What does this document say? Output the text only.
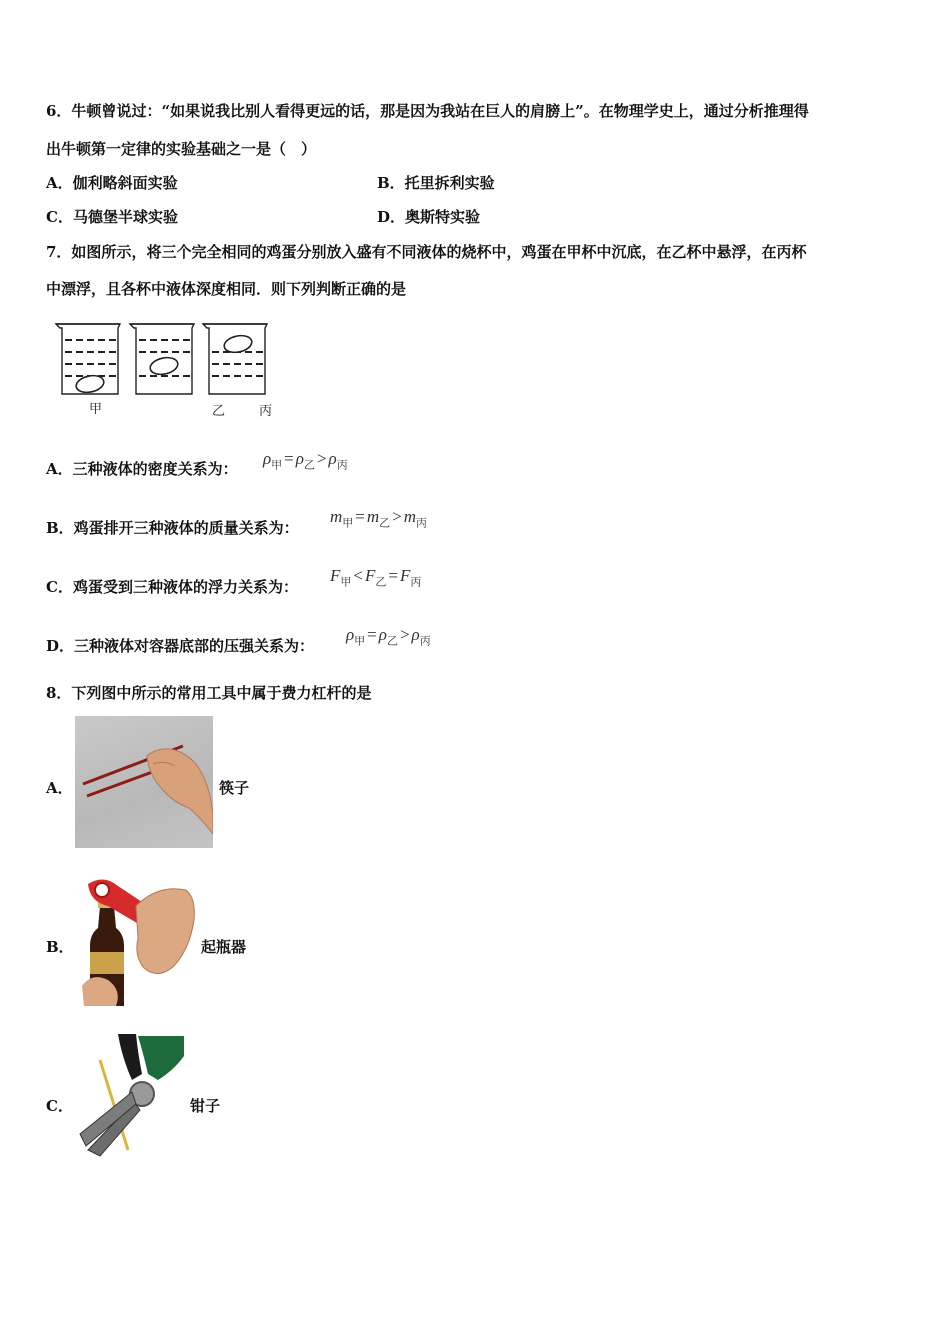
6．牛顿曾说过：“如果说我比别人看得更远的话，那是因为我站在巨人的肩膀上”。在物理学史上，通过分析推理得
出牛顿第一定律的实验基础之一是（　）
A．伽利略斜面实验	B．托里拆利实验
C．马德堡半球实验	D．奥斯特实验
7．如图所示，将三个完全相同的鸡蛋分别放入盛有不同液体的烧杯中，鸡蛋在甲杯中沉底，在乙杯中悬浮，在丙杯
中漂浮，且各杯中液体深度相同．则下列判断正确的是
甲	乙	丙
A．三种液体的密度关系为：
$\rho_甲 = \rho_乙 > \rho_丙$
B．鸡蛋排开三种液体的质量关系为：
$m_甲 = m_乙 > m_丙$
C．鸡蛋受到三种液体的浮力关系为：
$F_甲 < F_乙 = F_丙$
D．三种液体对容器底部的压强关系为：
$\rho_甲 = \rho_乙 > \rho_丙$
8．下列图中所示的常用工具中属于费力杠杆的是
A．	筷子
B．	起瓶器
C．	钳子
